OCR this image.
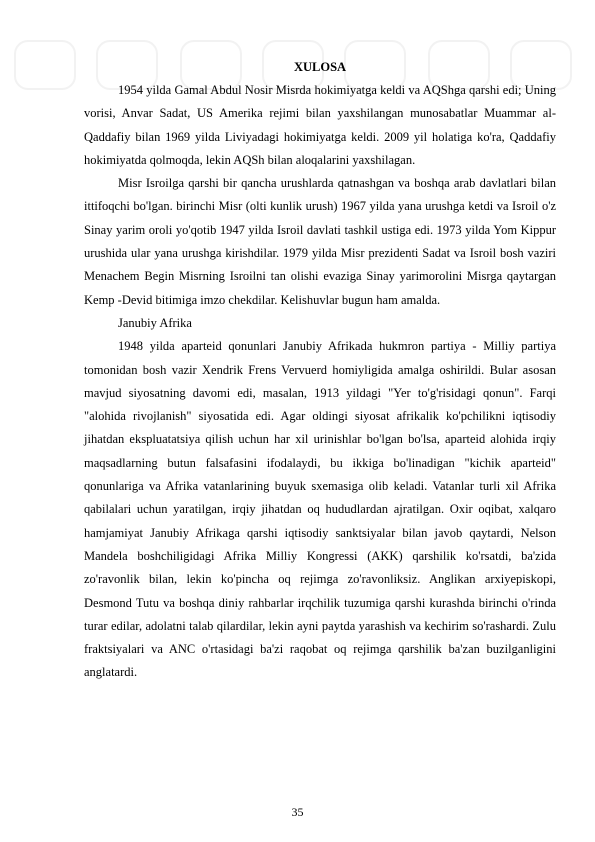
XULOSA

1954 yilda Gamal Abdul Nosir Misrda hokimiyatga keldi va AQShga qarshi edi; Uning vorisi, Anvar Sadat, US Amerika rejimi bilan yaxshilangan munosabatlar Muammar al-Qaddafiy bilan 1969 yilda Liviyadagi hokimiyatga keldi. 2009 yil holatiga ko'ra, Qaddafiy hokimiyatda qolmoqda, lekin AQSh bilan aloqalarini yaxshilagan.

Misr Isroilga qarshi bir qancha urushlarda qatnashgan va boshqa arab davlatlari bilan ittifoqchi bo'lgan. birinchi Misr (olti kunlik urush) 1967 yilda yana urushga ketdi va Isroil o'z Sinay yarim oroli yo'qotib 1947 yilda Isroil davlati tashkil ustiga edi. 1973 yilda Yom Kippur urushida ular yana urushga kirishdilar. 1979 yilda Misr prezidenti Sadat va Isroil bosh vaziri Menachem Begin Misrning Isroilni tan olishi evaziga Sinay yarimorolini Misrga qaytargan Kemp -Devid bitimiga imzo chekdilar. Kelishuvlar bugun ham amalda.

Janubiy Afrika

1948 yilda aparteid qonunlari Janubiy Afrikada hukmron partiya - Milliy partiya tomonidan bosh vazir Xendrik Frens Vervuerd homiyligida amalga oshirildi. Bular asosan mavjud siyosatning davomi edi, masalan, 1913 yildagi "Yer to'g'risidagi qonun". Farqi "alohida rivojlanish" siyosatida edi. Agar oldingi siyosat afrikalik ko'pchilikni iqtisodiy jihatdan ekspluatatsiya qilish uchun har xil urinishlar bo'lgan bo'lsa, aparteid alohida irqiy maqsadlarning butun falsafasini ifodalaydi, bu ikkiga bo'linadigan "kichik aparteid" qonunlariga va Afrika vatanlarining buyuk sxemasiga olib keladi. Vatanlar turli xil Afrika qabilalari uchun yaratilgan, irqiy jihatdan oq hududlardan ajratilgan. Oxir oqibat, xalqaro hamjamiyat Janubiy Afrikaga qarshi iqtisodiy sanktsiyalar bilan javob qaytardi, Nelson Mandela boshchiligidagi Afrika Milliy Kongressi (AKK) qarshilik ko'rsatdi, ba'zida zo'ravonlik bilan, lekin ko'pincha oq rejimga zo'ravonliksiz. Anglikan arxiyepiskopi, Desmond Tutu va boshqa diniy rahbarlar irqchilik tuzumiga qarshi kurashda birinchi o'rinda turar edilar, adolatni talab qilardilar, lekin ayni paytda yarashish va kechirim so'rashardi. Zulu fraktsiyalari va ANC o'rtasidagi ba'zi raqobat oq rejimga qarshilik ba'zan buzilganligini anglatardi.

35
